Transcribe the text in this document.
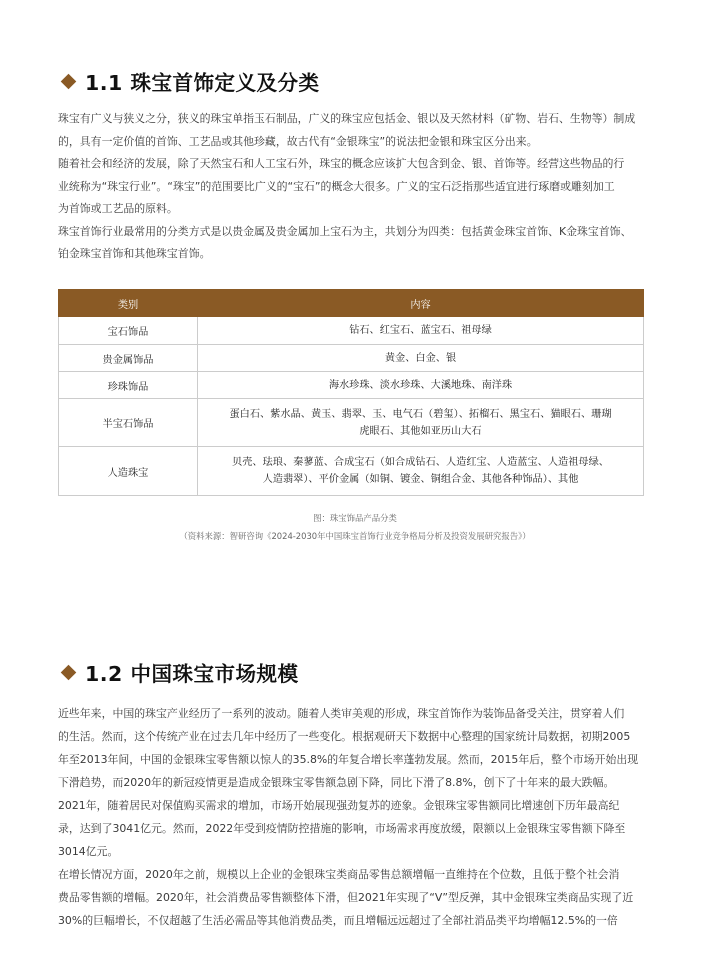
1.1 珠宝首饰定义及分类

珠宝有广义与狭义之分，狭义的珠宝单指玉石制品，广义的珠宝应包括金、银以及天然材料（矿物、岩石、生物等）制成

的，具有一定价值的首饰、工艺品或其他珍藏，故古代有“金银珠宝”的说法把金银和珠宝区分出来。

随着社会和经济的发展，除了天然宝石和人工宝石外，珠宝的概念应该扩大包含到金、银、首饰等。经营这些物品的行

业统称为“珠宝行业”。“珠宝”的范围要比广义的“宝石”的概念大很多。广义的宝石泛指那些适宜进行琢磨或雕刻加工

为首饰或工艺品的原料。

珠宝首饰行业最常用的分类方式是以贵金属及贵金属加上宝石为主，共划分为四类：包括黄金珠宝首饰、K金珠宝首饰、

铂金珠宝首饰和其他珠宝首饰。

类别	内容
宝石饰品	钻石、红宝石、蓝宝石、祖母绿

贵金属饰品	黄金、白金、银

珍珠饰品	海水珍珠、淡水珍珠、大溪地珠、南洋珠

半宝石饰品	蛋白石、紫水晶、黄玉、翡翠、玉、电气石（碧玺）、拓榴石、黑宝石、猫眼石、珊瑚
虎眼石、其他如亚历山大石

人造珠宝	贝壳、珐琅、秦蓼蓝、合成宝石（如合成钻石、人造红宝、人造蓝宝、人造祖母绿、
人造翡翠）、平价金属（如铜、镀金、铜组合金、其他各种饰品）、其他
图：珠宝饰品产品分类
（资料来源：智研咨询《2024-2030年中国珠宝首饰行业竞争格局分析及投资发展研究报告》）
1.2 中国珠宝市场规模

近些年来，中国的珠宝产业经历了一系列的波动。随着人类审美观的形成，珠宝首饰作为装饰品备受关注，贯穿着人们

的生活。然而，这个传统产业在过去几年中经历了一些变化。根据观研天下数据中心整理的国家统计局数据，初期2005

年至2013年间，中国的金银珠宝零售额以惊人的35.8%的年复合增长率蓬勃发展。然而，2015年后，整个市场开始出现

下滑趋势，而2020年的新冠疫情更是造成金银珠宝零售额急剧下降，同比下滑了8.8%，创下了十年来的最大跌幅。

2021年，随着居民对保值购买需求的增加，市场开始展现强劲复苏的迹象。金银珠宝零售额同比增速创下历年最高纪

录，达到了3041亿元。然而，2022年受到疫情防控措施的影响，市场需求再度放缓，限额以上金银珠宝零售额下降至

3014亿元。

在增长情况方面，2020年之前，规模以上企业的金银珠宝类商品零售总额增幅一直维持在个位数，且低于整个社会消

费品零售额的增幅。2020年，社会消费品零售额整体下滑，但2021年实现了“V”型反弹，其中金银珠宝类商品实现了近

30%的巨幅增长，不仅超越了生活必需品等其他消费品类，而且增幅远远超过了全部社消品类平均增幅12.5%的一倍
